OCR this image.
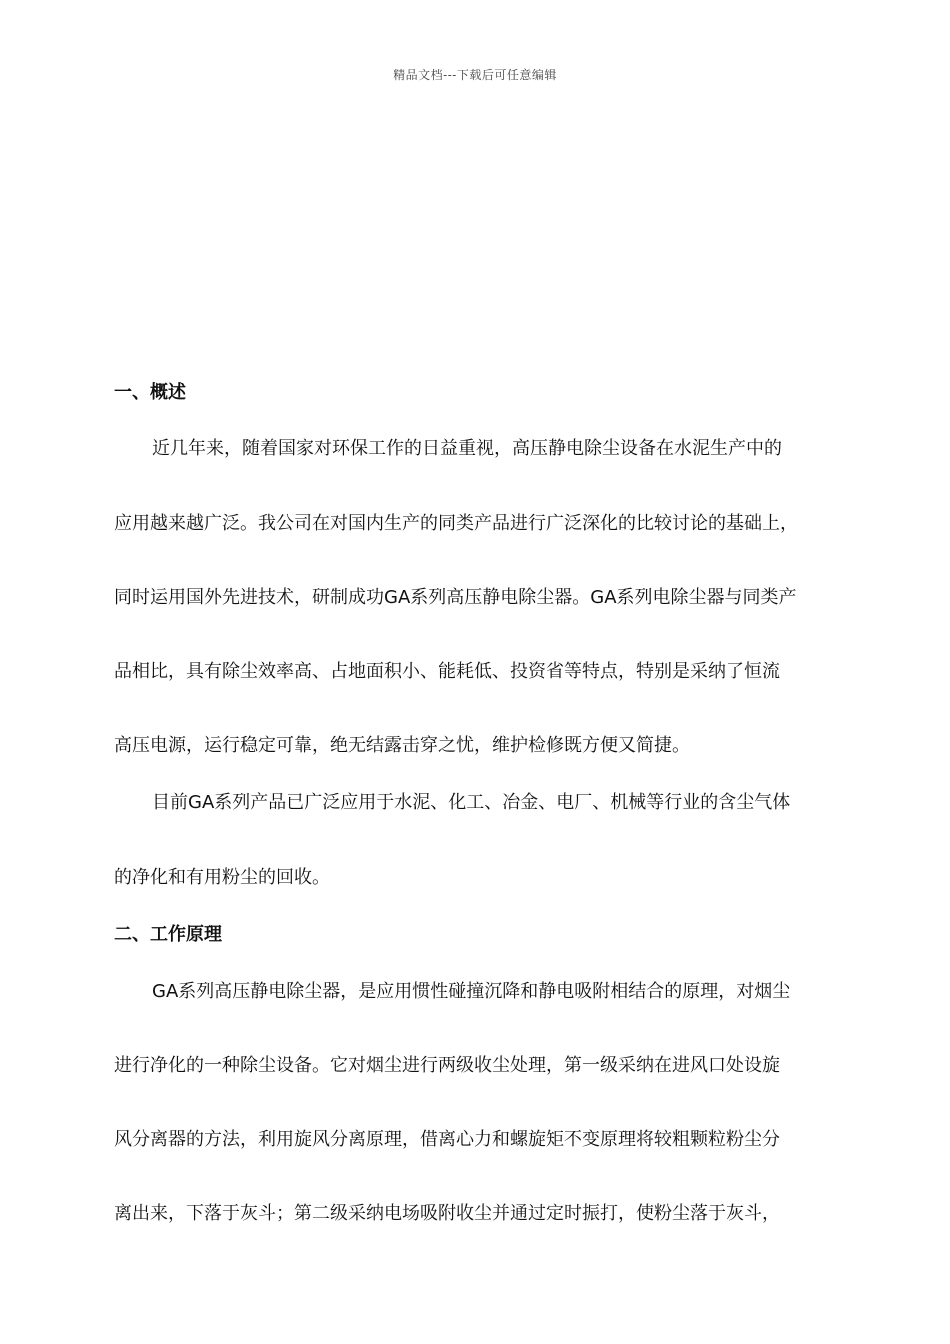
精品文档---下载后可任意编辑
一、概述
近几年来，随着国家对环保工作的日益重视，高压静电除尘设备在水泥生产中的
应用越来越广泛。我公司在对国内生产的同类产品进行广泛深化的比较讨论的基础上，
同时运用国外先进技术，研制成功GA系列高压静电除尘器。GA系列电除尘器与同类产
品相比，具有除尘效率高、占地面积小、能耗低、投资省等特点，特别是采纳了恒流
高压电源，运行稳定可靠，绝无结露击穿之忧，维护检修既方便又简捷。
目前GA系列产品已广泛应用于水泥、化工、冶金、电厂、机械等行业的含尘气体
的净化和有用粉尘的回收。
二、工作原理
GA系列高压静电除尘器，是应用惯性碰撞沉降和静电吸附相结合的原理，对烟尘
进行净化的一种除尘设备。它对烟尘进行两级收尘处理，第一级采纳在进风口处设旋
风分离器的方法，利用旋风分离原理，借离心力和螺旋矩不变原理将较粗颗粒粉尘分
离出来，下落于灰斗；第二级采纳电场吸附收尘并通过定时振打，使粉尘落于灰斗，
